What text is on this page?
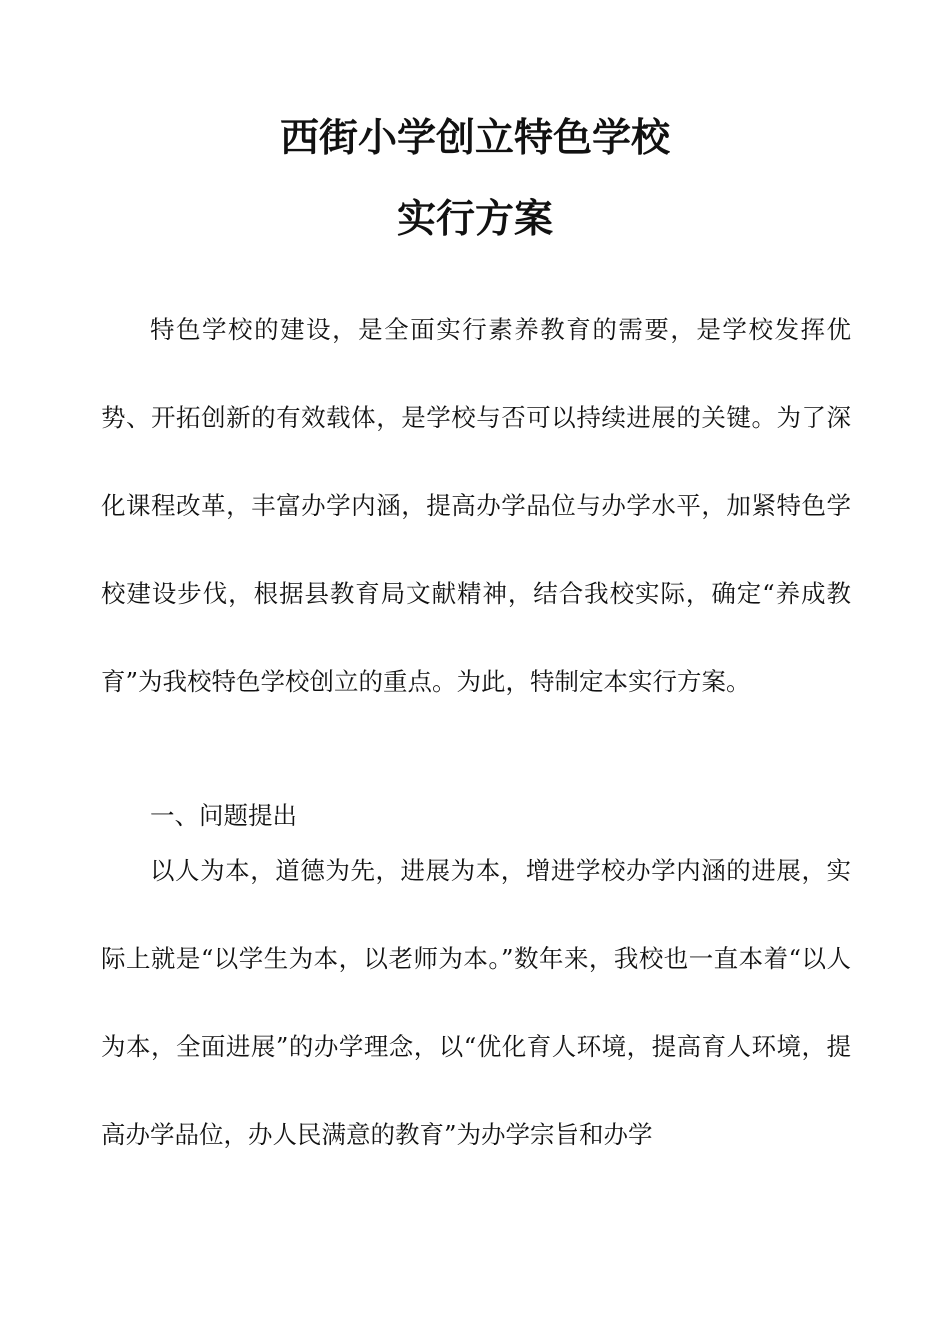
西街小学创立特色学校
实行方案

特色学校的建设，是全面实行素养教育的需要，是学校发挥优势、开拓创新的有效载体，是学校与否可以持续进展的关键。为了深化课程改革，丰富办学内涵，提高办学品位与办学水平，加紧特色学校建设步伐，根据县教育局文献精神，结合我校实际，确定“养成教育”为我校特色学校创立的重点。为此，特制定本实行方案。

一、问题提出

以人为本，道德为先，进展为本，增进学校办学内涵的进展，实际上就是“以学生为本，以老师为本。”数年来，我校也一直本着“以人为本，全面进展”的办学理念，以“优化育人环境，提高育人环境，提高办学品位，办人民满意的教育”为办学宗旨和办学
